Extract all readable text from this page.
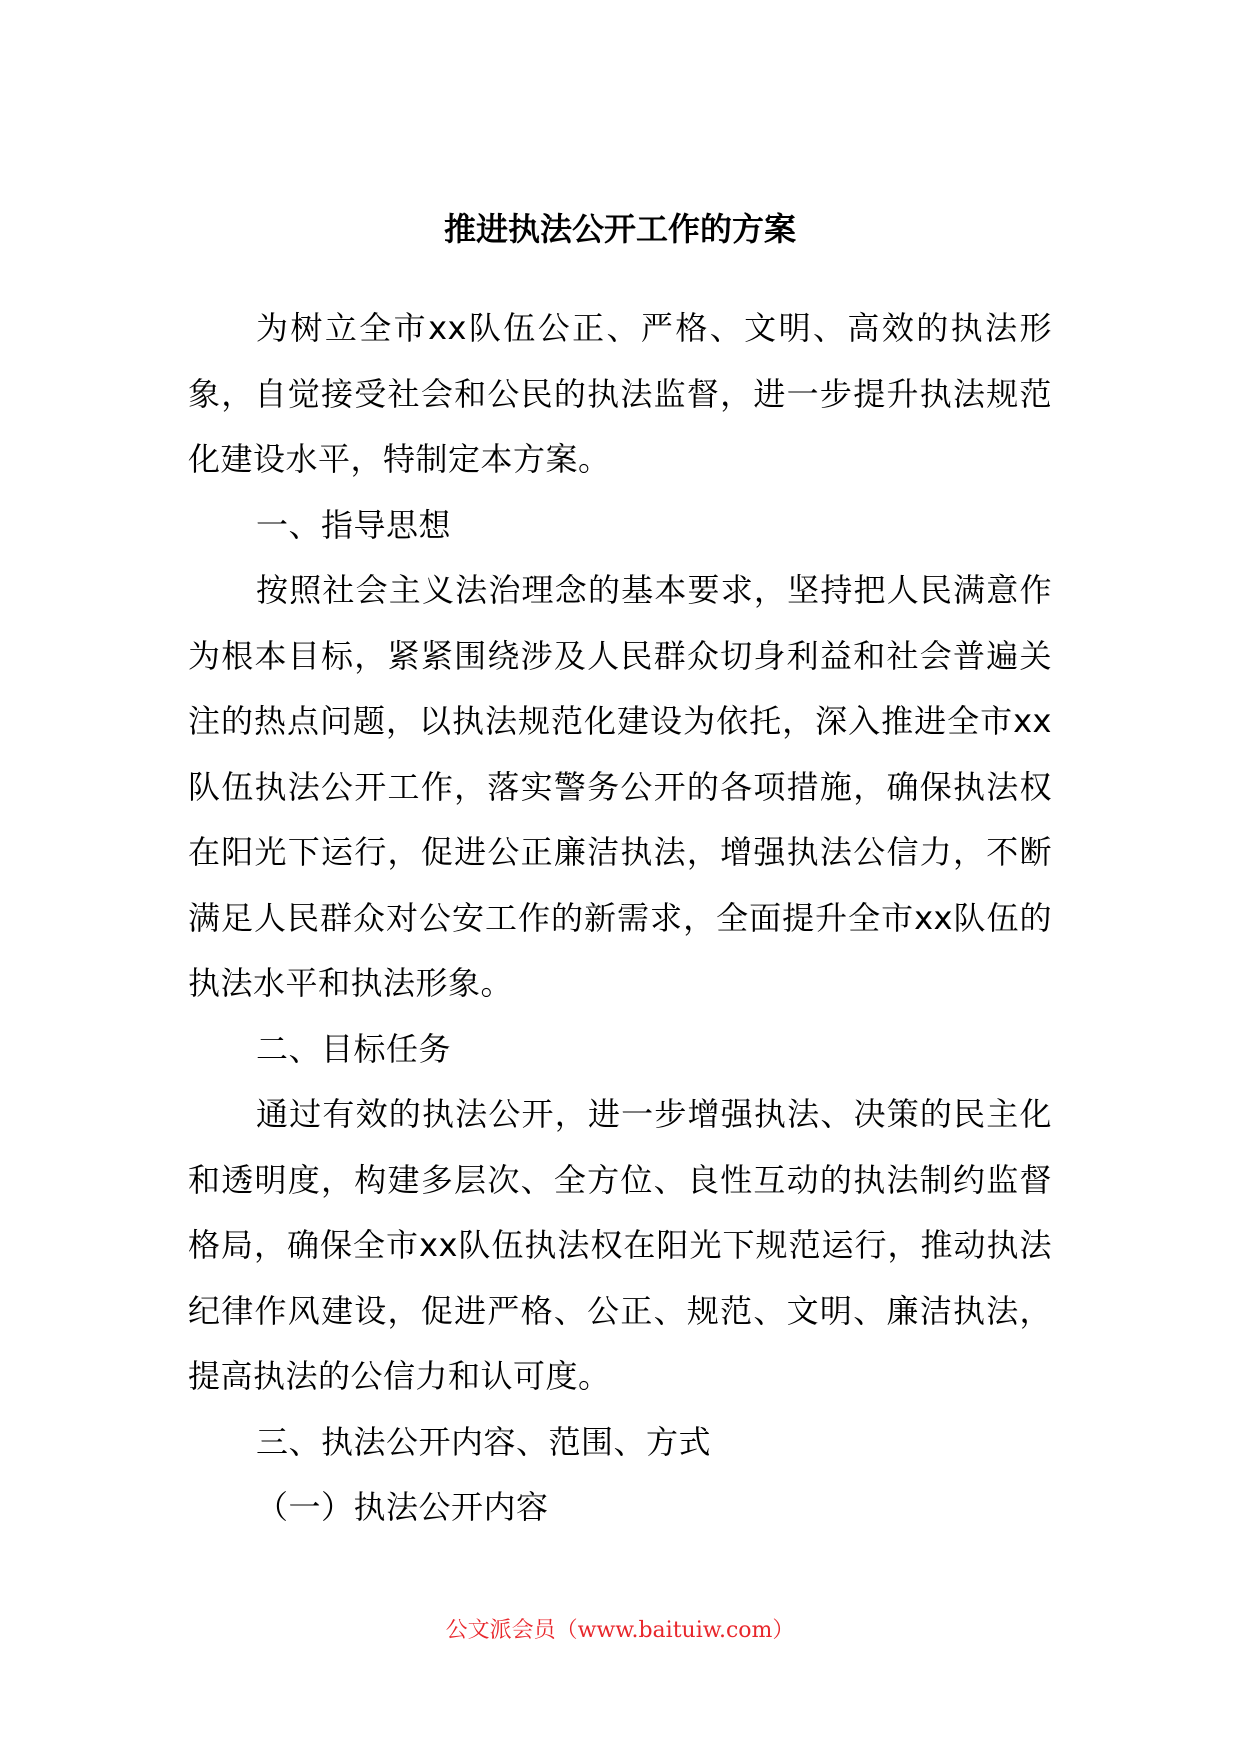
推进执法公开工作的方案

为树立全市xx队伍公正、严格、文明、高效的执法形象，自觉接受社会和公民的执法监督，进一步提升执法规范化建设水平，特制定本方案。

一、指导思想

按照社会主义法治理念的基本要求，坚持把人民满意作为根本目标，紧紧围绕涉及人民群众切身利益和社会普遍关注的热点问题，以执法规范化建设为依托，深入推进全市xx队伍执法公开工作，落实警务公开的各项措施，确保执法权在阳光下运行，促进公正廉洁执法，增强执法公信力，不断满足人民群众对公安工作的新需求，全面提升全市xx队伍的执法水平和执法形象。

二、目标任务

通过有效的执法公开，进一步增强执法、决策的民主化和透明度，构建多层次、全方位、良性互动的执法制约监督格局，确保全市xx队伍执法权在阳光下规范运行，推动执法纪律作风建设，促进严格、公正、规范、文明、廉洁执法，提高执法的公信力和认可度。

三、执法公开内容、范围、方式

（一）执法公开内容

公文派会员（www.baituiw.com）
